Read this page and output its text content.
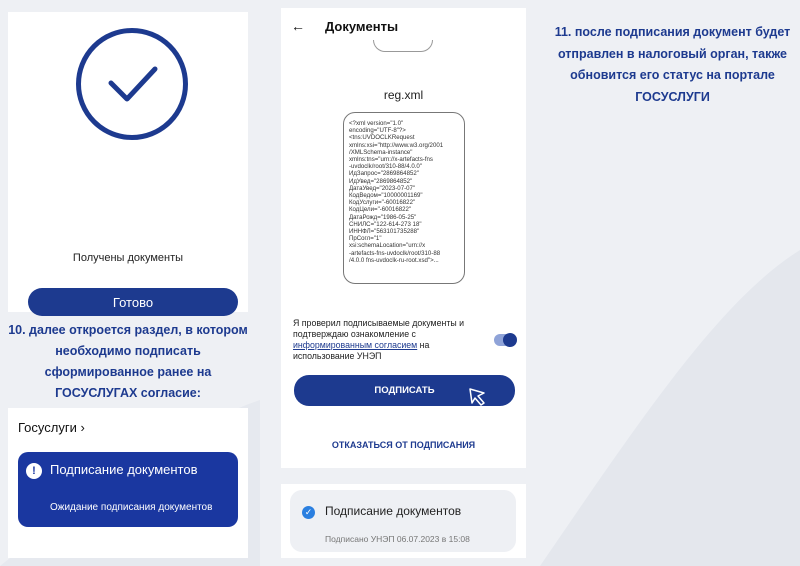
Получены документы
Готово
10. далее откроется раздел, в котором необходимо подписать сформированное ранее на ГОСУСЛУГАХ согласие:
Госуслуги ›
!	Подписание документов
Ожидание подписания документов
← Документы
reg.xml
<?xml version="1.0"
encoding="UTF-8"?>
<tns:UVDOCLKRequest
xmlns:xsi="http://www.w3.org/2001
/XMLSchema-instance"
xmlns:tns="urn://x-artefacts-fns
-uvdoclk/root/310-88/4.0.0"
ИдЗапрос="2869864852"
ИдУвед="2869864852"
ДатаУвед="2023-07-07"
КодВедом="10000001169"
КодУслуги="-60016822"
КодЦели="-60016822"
ДатаРожд="1986-05-25"
СНИЛС="122-614-273 18"
ИННФЛ="563101735288"
ПрСогл="1"
xsi:schemaLocation="urn://x
-artefacts-fns-uvdoclk/root/310-88
/4.0.0 fns-uvdoclk-ru-root.xsd">...
Я проверил подписываемые документы и подтверждаю ознакомление с информированным согласием на использование УНЭП
ПОДПИСАТЬ
ОТКАЗАТЬСЯ ОТ ПОДПИСАНИЯ
✓ Подписание документов
Подписано УНЭП 06.07.2023 в 15:08
11. после подписания документ будет отправлен в налоговый орган, также обновится его статус на портале ГОСУСЛУГИ
